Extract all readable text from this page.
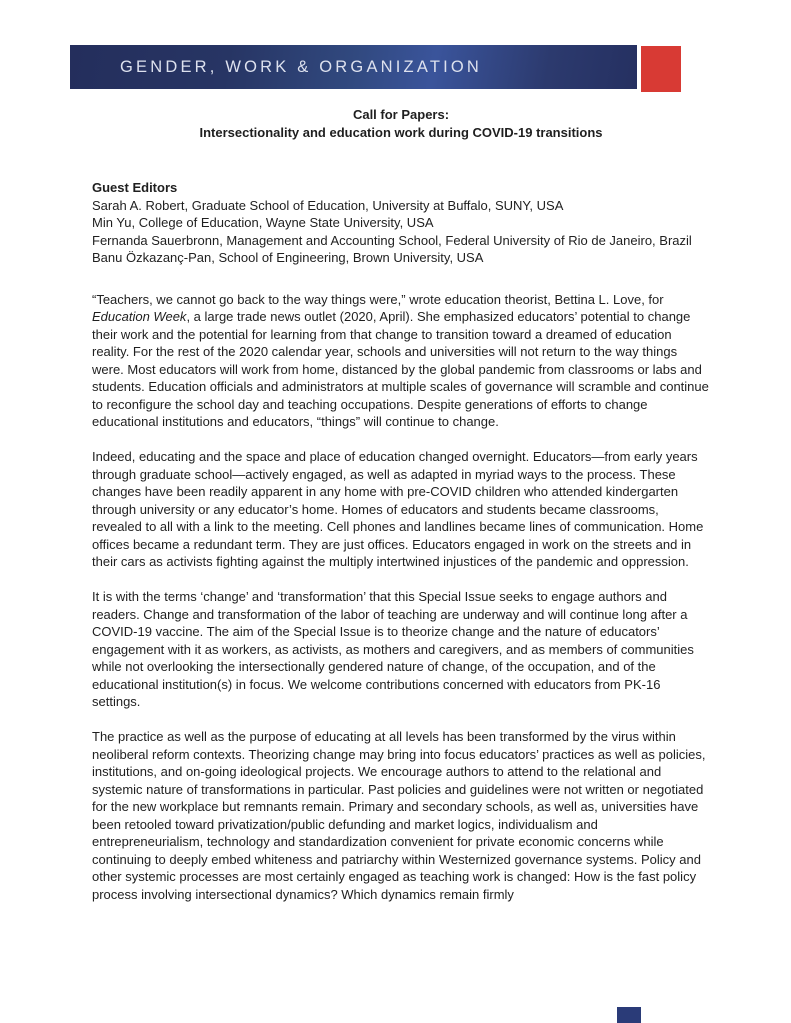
GENDER, WORK & ORGANIZATION
Call for Papers:
Intersectionality and education work during COVID-19 transitions

Guest Editors

Sarah A. Robert, Graduate School of Education, University at Buffalo, SUNY, USA

Min Yu, College of Education, Wayne State University, USA

Fernanda Sauerbronn, Management and Accounting School, Federal University of Rio de Janeiro, Brazil

Banu Özkazanç-Pan, School of Engineering, Brown University, USA

“Teachers, we cannot go back to the way things were,” wrote education theorist, Bettina L. Love, for Education Week, a large trade news outlet (2020, April). She emphasized educators’ potential to change their work and the potential for learning from that change to transition toward a dreamed of education reality. For the rest of the 2020 calendar year, schools and universities will not return to the way things were. Most educators will work from home, distanced by the global pandemic from classrooms or labs and students. Education officials and administrators at multiple scales of governance will scramble and continue to reconfigure the school day and teaching occupations. Despite generations of efforts to change educational institutions and educators, “things” will continue to change.

Indeed, educating and the space and place of education changed overnight. Educators—from early years through graduate school—actively engaged, as well as adapted in myriad ways to the process. These changes have been readily apparent in any home with pre-COVID children who attended kindergarten through university or any educator’s home. Homes of educators and students became classrooms, revealed to all with a link to the meeting. Cell phones and landlines became lines of communication. Home offices became a redundant term. They are just offices. Educators engaged in work on the streets and in their cars as activists fighting against the multiply intertwined injustices of the pandemic and oppression.

It is with the terms ‘change’ and ‘transformation’ that this Special Issue seeks to engage authors and readers. Change and transformation of the labor of teaching are underway and will continue long after a COVID-19 vaccine. The aim of the Special Issue is to theorize change and the nature of educators’ engagement with it as workers, as activists, as mothers and caregivers, and as members of communities while not overlooking the intersectionally gendered nature of change, of the occupation, and of the educational institution(s) in focus. We welcome contributions concerned with educators from PK-16 settings.

The practice as well as the purpose of educating at all levels has been transformed by the virus within neoliberal reform contexts. Theorizing change may bring into focus educators’ practices as well as policies, institutions, and on-going ideological projects. We encourage authors to attend to the relational and systemic nature of transformations in particular. Past policies and guidelines were not written or negotiated for the new workplace but remnants remain. Primary and secondary schools, as well as, universities have been retooled toward privatization/public defunding and market logics, individualism and entrepreneurialism, technology and standardization convenient for private economic concerns while continuing to deeply embed whiteness and patriarchy within Westernized governance systems. Policy and other systemic processes are most certainly engaged as teaching work is changed: How is the fast policy process involving intersectional dynamics? Which dynamics remain firmly
